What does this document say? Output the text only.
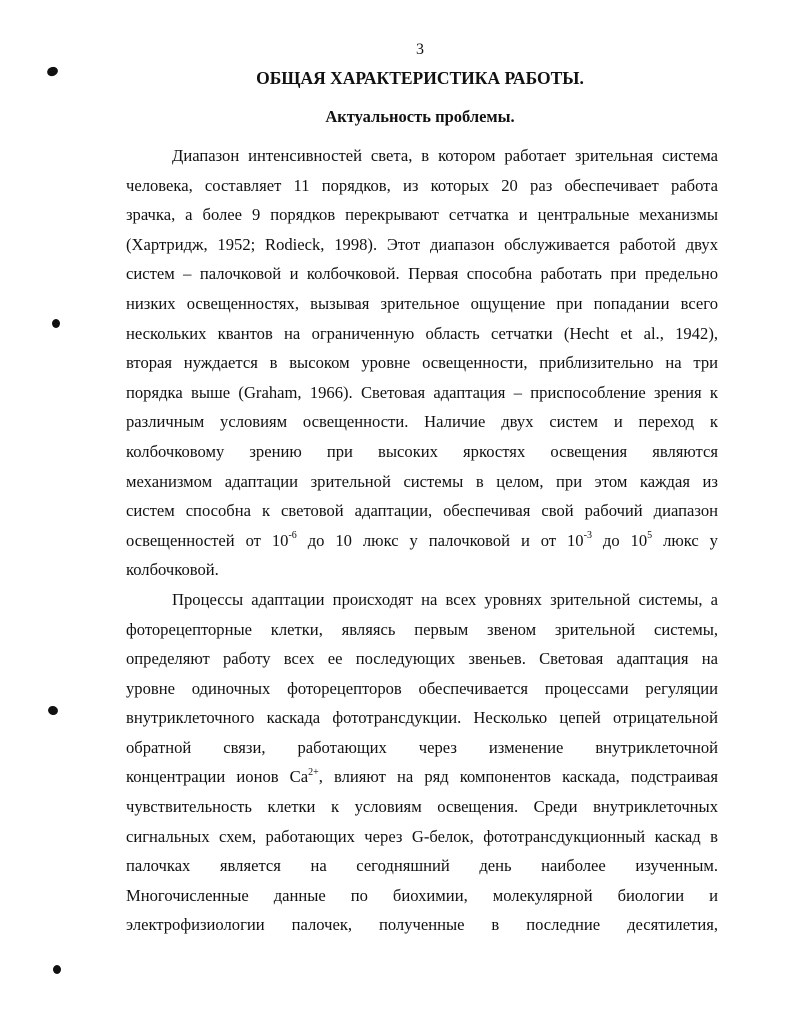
3
ОБЩАЯ ХАРАКТЕРИСТИКА РАБОТЫ.
Актуальность проблемы.
Диапазон интенсивностей света, в котором работает зрительная система
человека, составляет 11 порядков, из которых 20 раз обеспечивает работа
зрачка, а более 9 порядков перекрывают сетчатка и центральные механизмы
(Хартридж, 1952; Rodieck, 1998). Этот диапазон обслуживается работой двух
систем – палочковой и колбочковой. Первая способна работать при предельно
низких освещенностях, вызывая зрительное ощущение при попадании всего
нескольких квантов на ограниченную область сетчатки (Hecht et al., 1942),
вторая нуждается в высоком уровне освещенности, приблизительно на три
порядка выше (Graham, 1966). Световая адаптация – приспособление зрения к
различным условиям освещенности. Наличие двух систем и переход к
колбочковому зрению при высоких яркостях освещения являются
механизмом адаптации зрительной системы в целом, при этом каждая из
систем способна к световой адаптации, обеспечивая свой рабочий диапазон
освещенностей от $10^{-6}$ до 10 люкс у палочковой и от $10^{-3}$ до $10^5$ люкс у
колбочковой.
Процессы адаптации происходят на всех уровнях зрительной системы, а
фоторецепторные клетки, являясь первым звеном зрительной системы,
определяют работу всех ее последующих звеньев. Световая адаптация на
уровне одиночных фоторецепторов обеспечивается процессами регуляции
внутриклеточного каскада фототрансдукции. Несколько цепей отрицательной
обратной связи, работающих через изменение внутриклеточной
концентрации ионов $Са^{2+}$, влияют на ряд компонентов каскада, подстраивая
чувствительность клетки к условиям освещения. Среди внутриклеточных
сигнальных схем, работающих через G-белок, фототрансдукционный каскад в
палочках является на сегодняшний день наиболее изученным.
Многочисленные данные по биохимии, молекулярной биологии и
электрофизиологии палочек, полученные в последние десятилетия,
